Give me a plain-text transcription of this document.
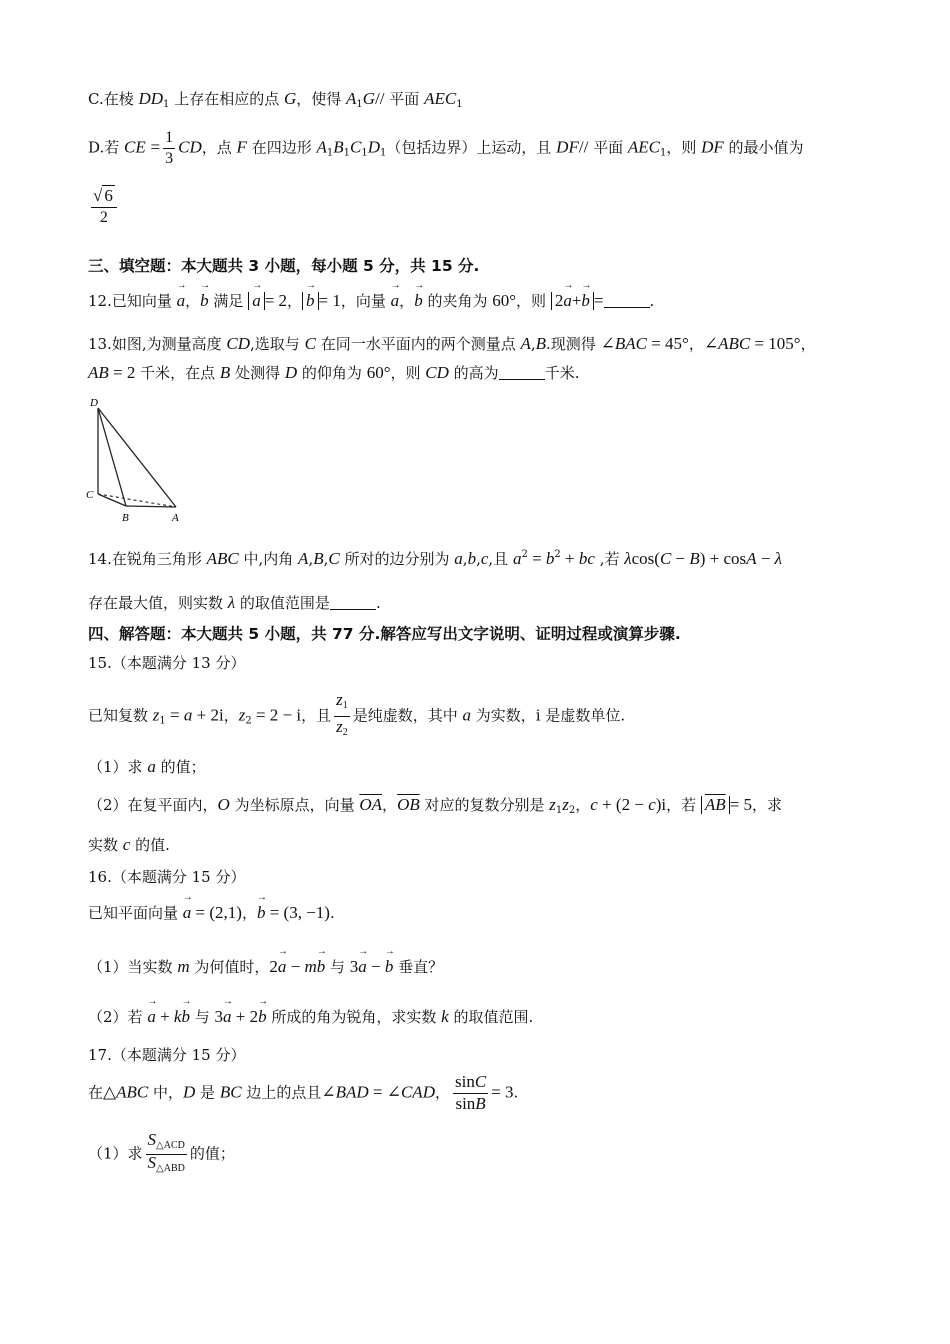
C.在棱 $DD_1$ 上存在相应的点 G，使得 $A_1G//$ 平面 $AEC_1$
D.若 CE = $\frac{1}{3}$ CD，点 F 在四边形 $A_1B_1C_1D_1$（包括边界）上运动，且 DF// 平面 $AEC_1$，则 DF 的最小值为
$\frac{√ 6}{2}$
三、填空题：本大题共 3 小题，每小题 5 分，共 15 分.
12.已知向量 → a，→ b 满足 → a = 2， → b = 1，向量 → a，→ b 的夹角为 60°，则 2→ a+→ b =	.
13.如图,为测量高度 CD,选取与 C 在同一水平面内的两个测量点 A,B.现测得 ∠BAC = 45°，∠ABC = 105°，
AB = 2 千米，在点 B 处测得 D 的仰角为 60°，则 CD 的高为	千米.
D
C
B	A
14.在锐角三角形 ABC 中,内角 A,B,C 所对的边分别为 a,b,c,且 $a^2 = b^2$ + bc ,若 λcos(C − B) + cosA − λ
存在最大值，则实数 λ 的取值范围是	.
四、解答题：本大题共 5 小题，共 77 分.解答应写出文字说明、证明过程或演算步骤.
15.（本题满分 13 分）
已知复数 $z_1 = a + 2i$，$z_2 = 2 - i$，且 $\frac{z_1}{z_2}$ 是纯虚数，其中 a 为实数，i 是虚数单位.
（1）求 a 的值；
（2）在复平面内，O 为坐标原点，向量 $\overline{OA}$，$\overline{OB}$ 对应的复数分别是 $z_1z_2$，c + (2 − c)i，若 $\overline{AB} = 5$，求
实数 c 的值.
16.（本题满分 15 分）
已知平面向量 → a = (2,1)，→ b = (3, −1).
（1）当实数 m 为何值时，2→ a − m→ b 与 3→ a − → b 垂直？
（2）若 → a + k→ b 与 3→ a + 2→ b 所成的角为锐角，求实数 k 的取值范围.
17.（本题满分 15 分）
在△ABC 中，D 是 BC 边上的点且∠BAD = ∠CAD， $\frac{\sin C}{\sin B} = 3$.
（1）求 $\frac{S_{\triangle ACD}}{S_{\triangle ABD}}$ 的值；
